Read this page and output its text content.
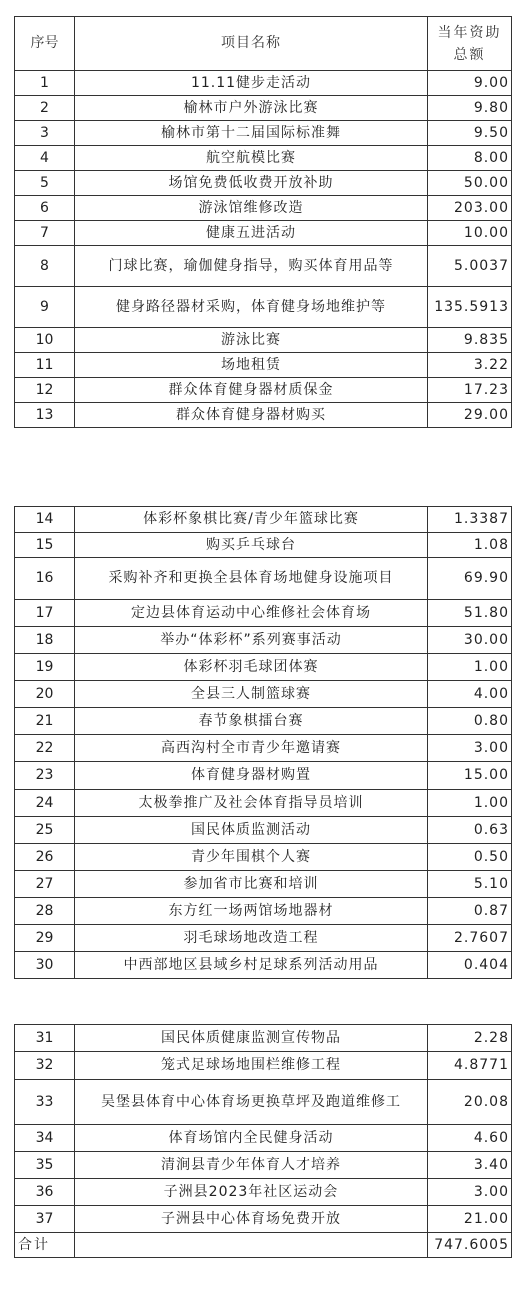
序号	项目名称	当年资助
总额

1	11.11健步走活动	9.00
2	榆林市户外游泳比赛	9.80
3	榆林市第十二届国际标准舞	9.50
4	航空航模比赛	8.00
5	场馆免费低收费开放补助	50.00
6	游泳馆维修改造	203.00
7	健康五进活动	10.00
8	门球比赛，瑜伽健身指导，购买体育用品等	5.0037
9	健身路径器材采购，体育健身场地维护等	135.5913
10	游泳比赛	9.835
11	场地租赁	3.22
12	群众体育健身器材质保金	17.23
13	群众体育健身器材购买	29.00
14	体彩杯象棋比赛/青少年篮球比赛	1.3387
15	购买乒乓球台	1.08
16	采购补齐和更换全县体育场地健身设施项目	69.90
17	定边县体育运动中心维修社会体育场	51.80
18	举办“体彩杯”系列赛事活动	30.00
19	体彩杯羽毛球团体赛	1.00
20	全县三人制篮球赛	4.00
21	春节象棋擂台赛	0.80
22	高西沟村全市青少年邀请赛	3.00
23	体育健身器材购置	15.00
24	太极拳推广及社会体育指导员培训	1.00
25	国民体质监测活动	0.63
26	青少年围棋个人赛	0.50
27	参加省市比赛和培训	5.10
28	东方红一场两馆场地器材	0.87
29	羽毛球场地改造工程	2.7607
30	中西部地区县域乡村足球系列活动用品	0.404
31	国民体质健康监测宣传物品	2.28
32	笼式足球场地围栏维修工程	4.8771
33	吴堡县体育中心体育场更换草坪及跑道维修工	20.08
34	体育场馆内全民健身活动	4.60
35	清涧县青少年体育人才培养	3.40
36	子洲县2023年社区运动会	3.00
37	子洲县中心体育场免费开放	21.00
合计		747.6005
